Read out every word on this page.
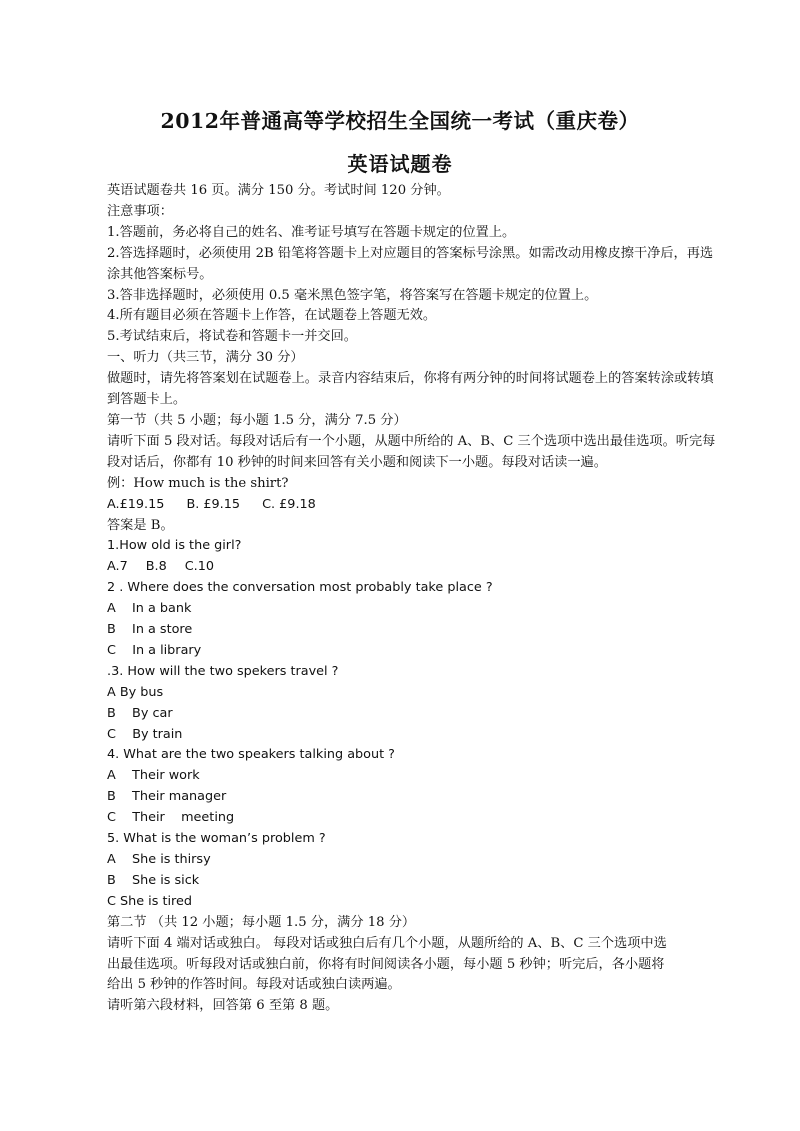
2012年普通高等学校招生全国统一考试（重庆卷）
英语试题卷
英语试题卷共 16 页。满分 150 分。考试时间 120 分钟。
注意事项：
1.答题前，务必将自己的姓名、准考证号填写在答题卡规定的位置上。
2.答选择题时，必须使用 2B 铅笔将答题卡上对应题目的答案标号涂黑。如需改动用橡皮擦干净后，再选涂其他答案标号。
3.答非选择题时，必须使用 0.5 毫米黑色签字笔，将答案写在答题卡规定的位置上。
4.所有题目必须在答题卡上作答，在试题卷上答题无效。
5.考试结束后，将试卷和答题卡一并交回。
一、听力（共三节，满分 30 分）
做题时，请先将答案划在试题卷上。录音内容结束后，你将有两分钟的时间将试题卷上的答案转涂或转填到答题卡上。
第一节（共 5 小题；每小题 1.5 分，满分 7.5 分）
请听下面 5 段对话。每段对话后有一个小题，从题中所给的 A、B、C 三个选项中选出最佳选项。听完每段对话后，你都有 10 秒钟的时间来回答有关小题和阅读下一小题。每段对话读一遍。
例：How much is the shirt?
A.£19.15 B. £9.15 C. £9.18
答案是 B。
1.How old is the girl?
A.7 B.8 C.10
2 . Where does the conversation most probably take place ?
A    In a bank
B    In a store
C    In a library
.3. How will the two spekers travel ?
A By bus
B    By car
C    By train
4. What are the two speakers talking about ?
A    Their work
B    Their manager
C    Their    meeting
5. What is the woman’s problem ?
A    She is thirsy
B    She is sick
C She is tired
第二节 （共 12 小题；每小题 1.5 分，满分 18 分）
请听下面 4 端对话或独白。 每段对话或独白后有几个小题，从题所给的 A、B、C 三个选项中选
出最佳选项。听每段对话或独白前，你将有时间阅读各小题，每小题 5 秒钟；听完后，各小题将
给出 5 秒钟的作答时间。每段对话或独白读两遍。
请听第六段材料，回答第 6 至第 8 题。
